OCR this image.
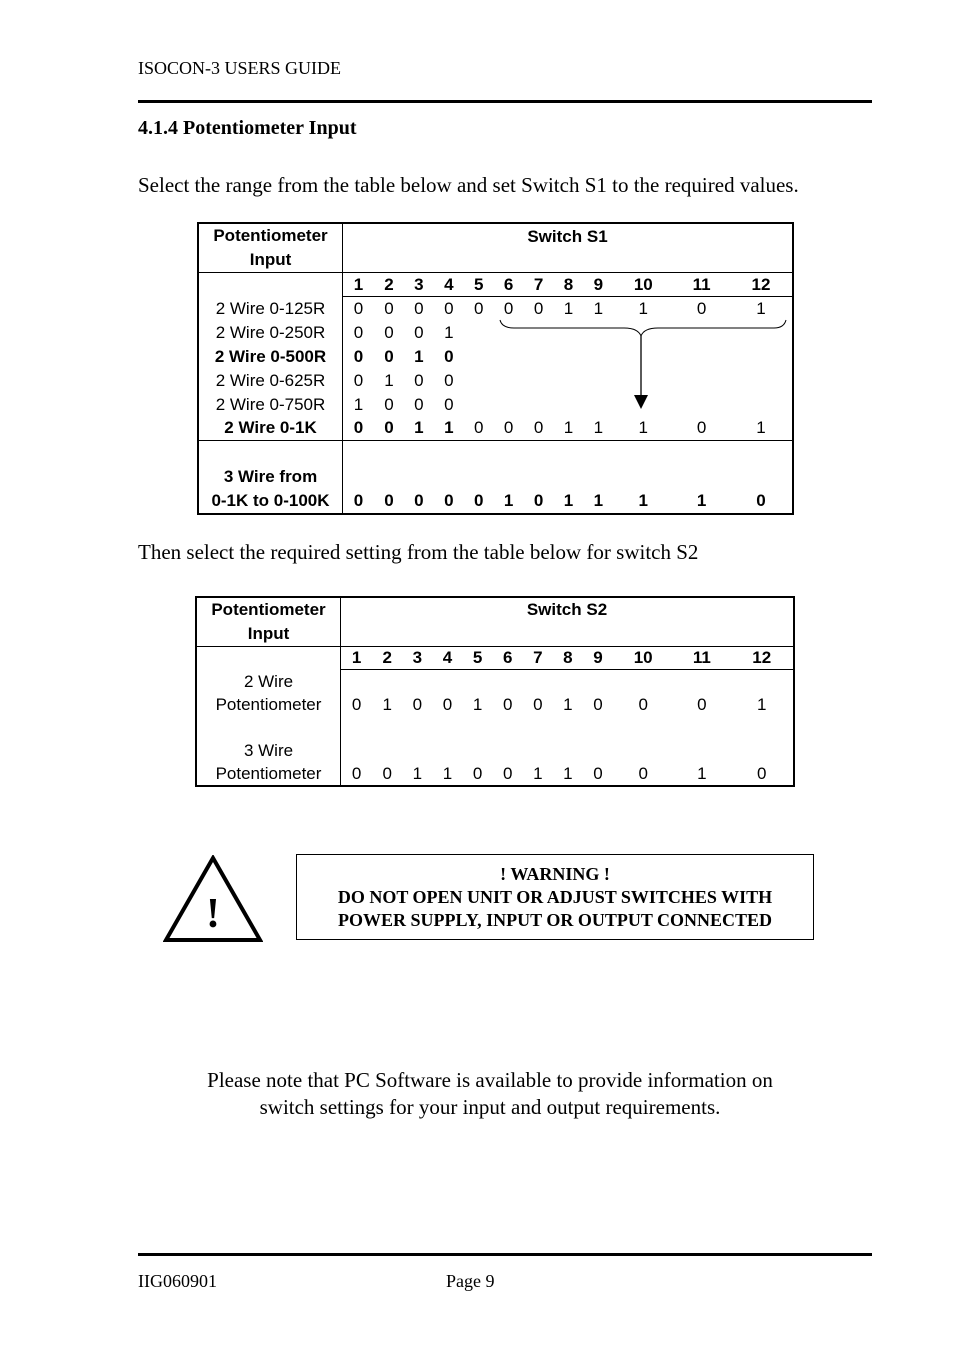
ISOCON-3 USERS GUIDE
4.1.4 Potentiometer Input
Select the range from the table below and set Switch S1 to the required values.
Potentiometer
Input	Switch S1											
	1	2	3	4	5	6	7	8	9	10	11	12
2 Wire 0-125R	0	0	0	0	0	0	0	1	1	1	0	1
2 Wire 0-250R	0	0	0	1								
2 Wire 0-500R	0	0	1	0								
2 Wire 0-625R	0	1	0	0								
2 Wire 0-750R	1	0	0	0								
2 Wire 0-1K	0	0	1	1	0	0	0	1	1	1	0	1

3 Wire from
0-1K to 0-100K	0	0	0	0	0	1	0	1	1	1	1	0
Then select the required setting from the table below for switch S2
Potentiometer
Input	Switch S2											
	1	2	3	4	5	6	7	8	9	10	11	12

2 Wire
Potentiometer	0	1	0	0	1	0	0	1	0	0	0	1

3 Wire
Potentiometer	0	0	1	1	0	0	1	1	0	0	1	0
!
! WARNING !
DO NOT OPEN UNIT OR ADJUST SWITCHES WITH
POWER SUPPLY, INPUT OR OUTPUT CONNECTED
Please note that PC Software is available to provide information on
switch settings for your input and output requirements.
IIG060901	Page 9
